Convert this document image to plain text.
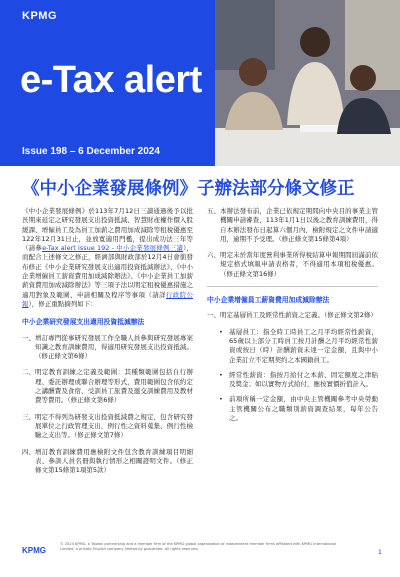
KPMG
e-Tax alert
Issue 198 – 6 December 2024
《中小企業發展條例》子辦法部分條文修正

《中小企業發展條例》於113年7月12日三讀通過後予以批長期來延定之研究發展支出投資抵減、智慧財產權作價入股緩課、增僱員工及為員工加薪之費用加成減除等租稅優惠至122年12月31日止，並放寬適用門檻，提出成功法三年等（請參e-Tax alert issue 192 - 中小企業發展條例三讀），而配合上述條文之修正，經濟部與財政部於12月4日會銜發布修正《中小企業研究發展支出適用投資抵減辦法》、《中小企業增僱員工薪資費用加成減除辦法》、《中小企業員工加薪薪資費用加成減除辦法》等三項子法以明定租稅優惠措施之適用對象及範圍、申請相關及程序等事項（請詳行政院公報），修正重點摘列如下：

中小企業研究發展支出適用投資抵減辦法
一、 增訂專門從事研究發展工作全職人員參與研究發展專案知識之教育訓練費用，得適用研究發展支出投資抵減。（修正條文第6條）
二、 明定教育訓練之定義及範圍：其種類範圍包括自行辦理、委託辦理或聯合辦理等形式，費用範圍包含依約定之講酬費及食宿、受訓員工旅費及邀交訓練費用及教材費等費用。（修正條文第6條）
三、 明定不得列為研發支出投資抵減費之規定，包含研究發展單位之行政管理支出，例行性之資料蒐集、例行性檢驗之支出等。（修正條文第7條）
四、 增訂教育訓練費用應檢附文件包含教育訓練項目明細表、參訓人員名冊與執行情形之相關證明文件。（修正條文第15條第1項第5款）
五、 本辦法發布前，企業已依規定期間向中央目的事業主管機關申請審查，113年1月1日以後之教育訓練費用，得自本辦法發布日起算六個月內，檢附規定之文件申請適用，逾期不予受理。（修正條文第15條第4項）
六、 明定未於當年度營利事業所得稅結算申報期間屆滿前依規定格式填報申請表格者，不得適用本項租稅優惠。（修正條文第16條）
中小企業增僱員工薪資費用加成減除辦法
一、 明定基層員工及經常性薪資之定義。（修正條文第2條）
• 基層員工：指全時工時員工之月平均經常性薪資，65歲以上部分工時員工按月計酬之月平均經常性薪資或按日（時）計酬薪資未達一定金額，且與中小企業訂立不定期契約之本國籍員工。
• 經常性薪資：指按月給付之本薪、固定額度之津貼及獎金；如以實物方式給付，應按實價折值計入。
• 前項所稱一定金額，由中央主管機關參考中央勞動主管機關公布之職類別薪資調查結果，每年公告之。
KPMG
© 2024 KPMG, a Taiwan partnership and a member firm of the KPMG global organization of independent member firms affiliated with KPMG International Limited, a private English company limited by guarantee. All rights reserved.	1
